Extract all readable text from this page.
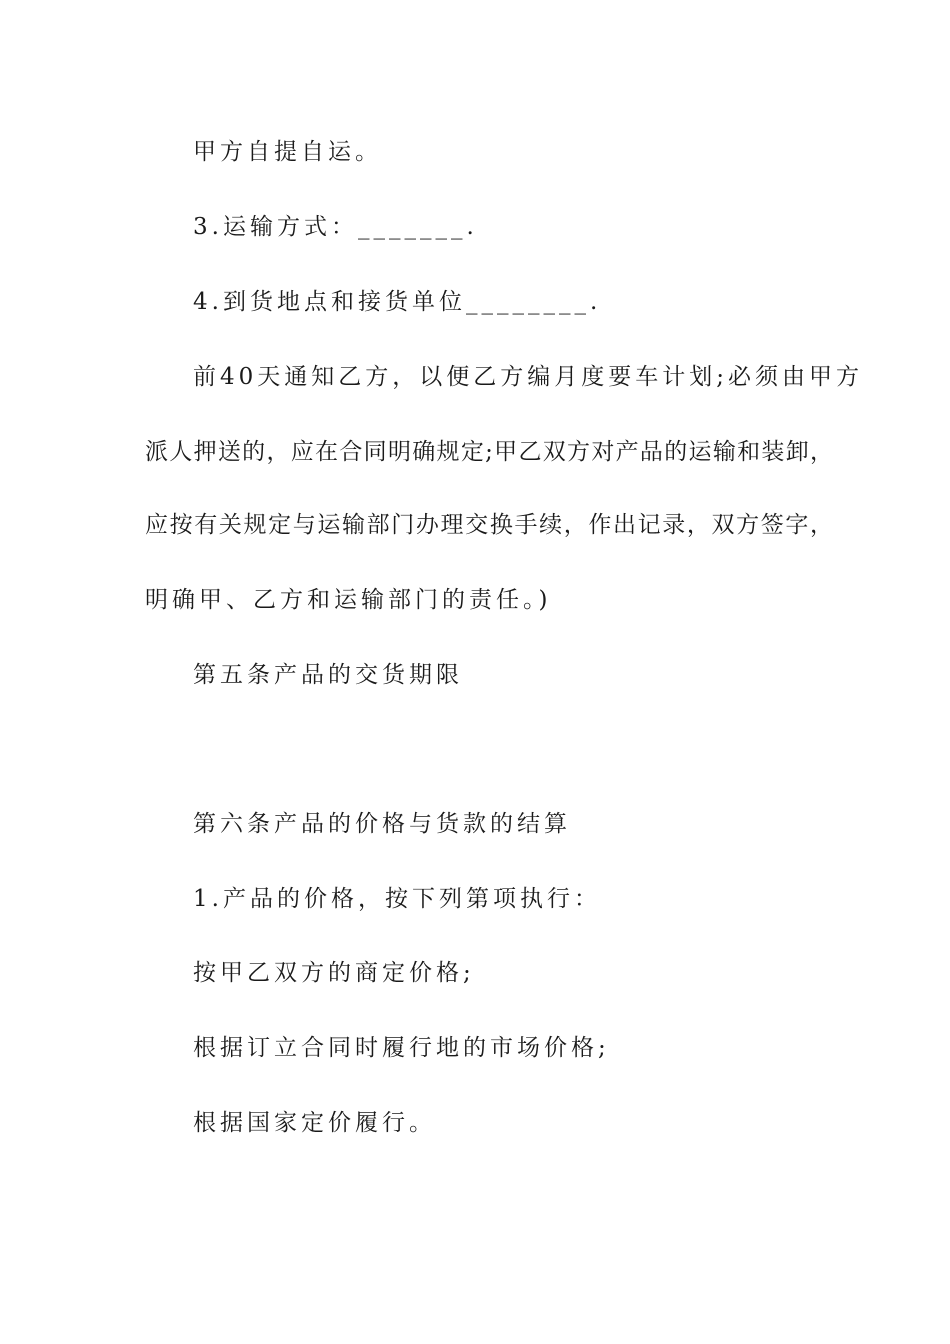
甲方自提自运。
3.运输方式：_______.
4.到货地点和接货单位________.
前40天通知乙方，以便乙方编月度要车计划;必须由甲方
派人押送的，应在合同明确规定;甲乙双方对产品的运输和装卸，
应按有关规定与运输部门办理交换手续，作出记录，双方签字，
明确甲、乙方和运输部门的责任。)
第五条产品的交货期限
第六条产品的价格与货款的结算
1.产品的价格，按下列第项执行：
按甲乙双方的商定价格;
根据订立合同时履行地的市场价格;
根据国家定价履行。
